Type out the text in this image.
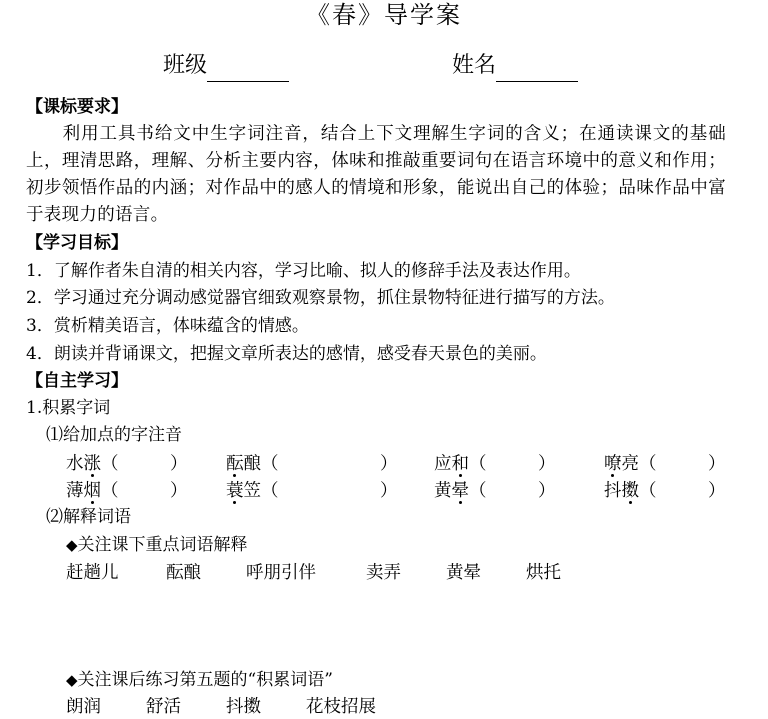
《春》导学案
班级	姓名
【课标要求】
利用工具书给文中生字词注音，结合上下文理解生字词的含义；在通读课文的基础上，理清思路，理解、分析主要内容，体味和推敲重要词句在语言环境中的意义和作用；初步领悟作品的内涵；对作品中的感人的情境和形象，能说出自己的体验；品味作品中富于表现力的语言。
【学习目标】
1．了解作者朱自清的相关内容，学习比喻、拟人的修辞手法及表达作用。
2．学习通过充分调动感觉器官细致观察景物，抓住景物特征进行描写的方法。
3．赏析精美语言，体味蕴含的情感。
4．朗读并背诵课文，把握文章所表达的感情，感受春天景色的美丽。
【自主学习】
1.积累字词
⑴给加点的字注音
水涨（	） 酝酿（	） 应和（	）	嘹亮（	）
薄烟（	） 蓑笠（	） 黄晕（	）	抖擞（	）
⑵解释词语
◆关注课下重点词语解释
赶趟儿	酝酿	呼朋引伴	卖弄	黄晕	烘托
◆关注课后练习第五题的“积累词语”
朗润	舒活	抖擞	花枝招展
